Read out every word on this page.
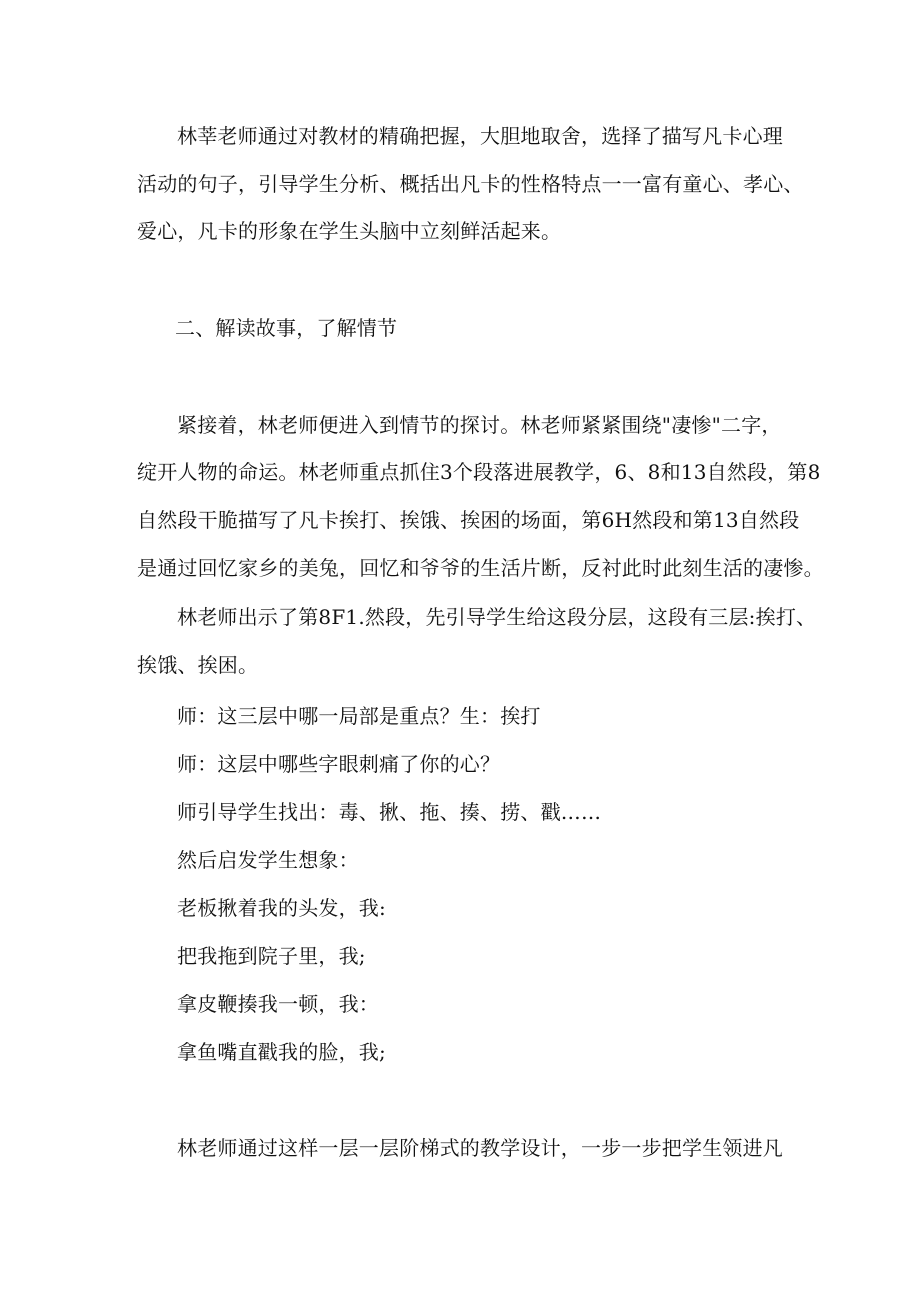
林莘老师通过对教材的精确把握，大胆地取舍，选择了描写凡卡心理
活动的句子，引导学生分析、概括出凡卡的性格特点一一富有童心、孝心、
爱心，凡卡的形象在学生头脑中立刻鲜活起来。
二、解读故事，了解情节
紧接着，林老师便进入到情节的探讨。林老师紧紧围绕"凄惨"二字，
绽开人物的命运。林老师重点抓住3个段落进展教学，6、8和13自然段，第8
自然段干脆描写了凡卡挨打、挨饿、挨困的场面，第6H然段和第13自然段
是通过回忆家乡的美兔，回忆和爷爷的生活片断，反衬此时此刻生活的凄惨。
林老师出示了第8F1.然段，先引导学生给这段分层，这段有三层:挨打、
挨饿、挨困。
师：这三层中哪一局部是重点？生：挨打
师：这层中哪些字眼刺痛了你的心？
师引导学生找出：毒、揪、拖、揍、捞、戳……
然后启发学生想象：
老板揪着我的头发，我:
把我拖到院子里，我;
拿皮鞭揍我一顿，我：
拿鱼嘴直戳我的脸，我;
林老师通过这样一层一层阶梯式的教学设计，一步一步把学生领进凡
